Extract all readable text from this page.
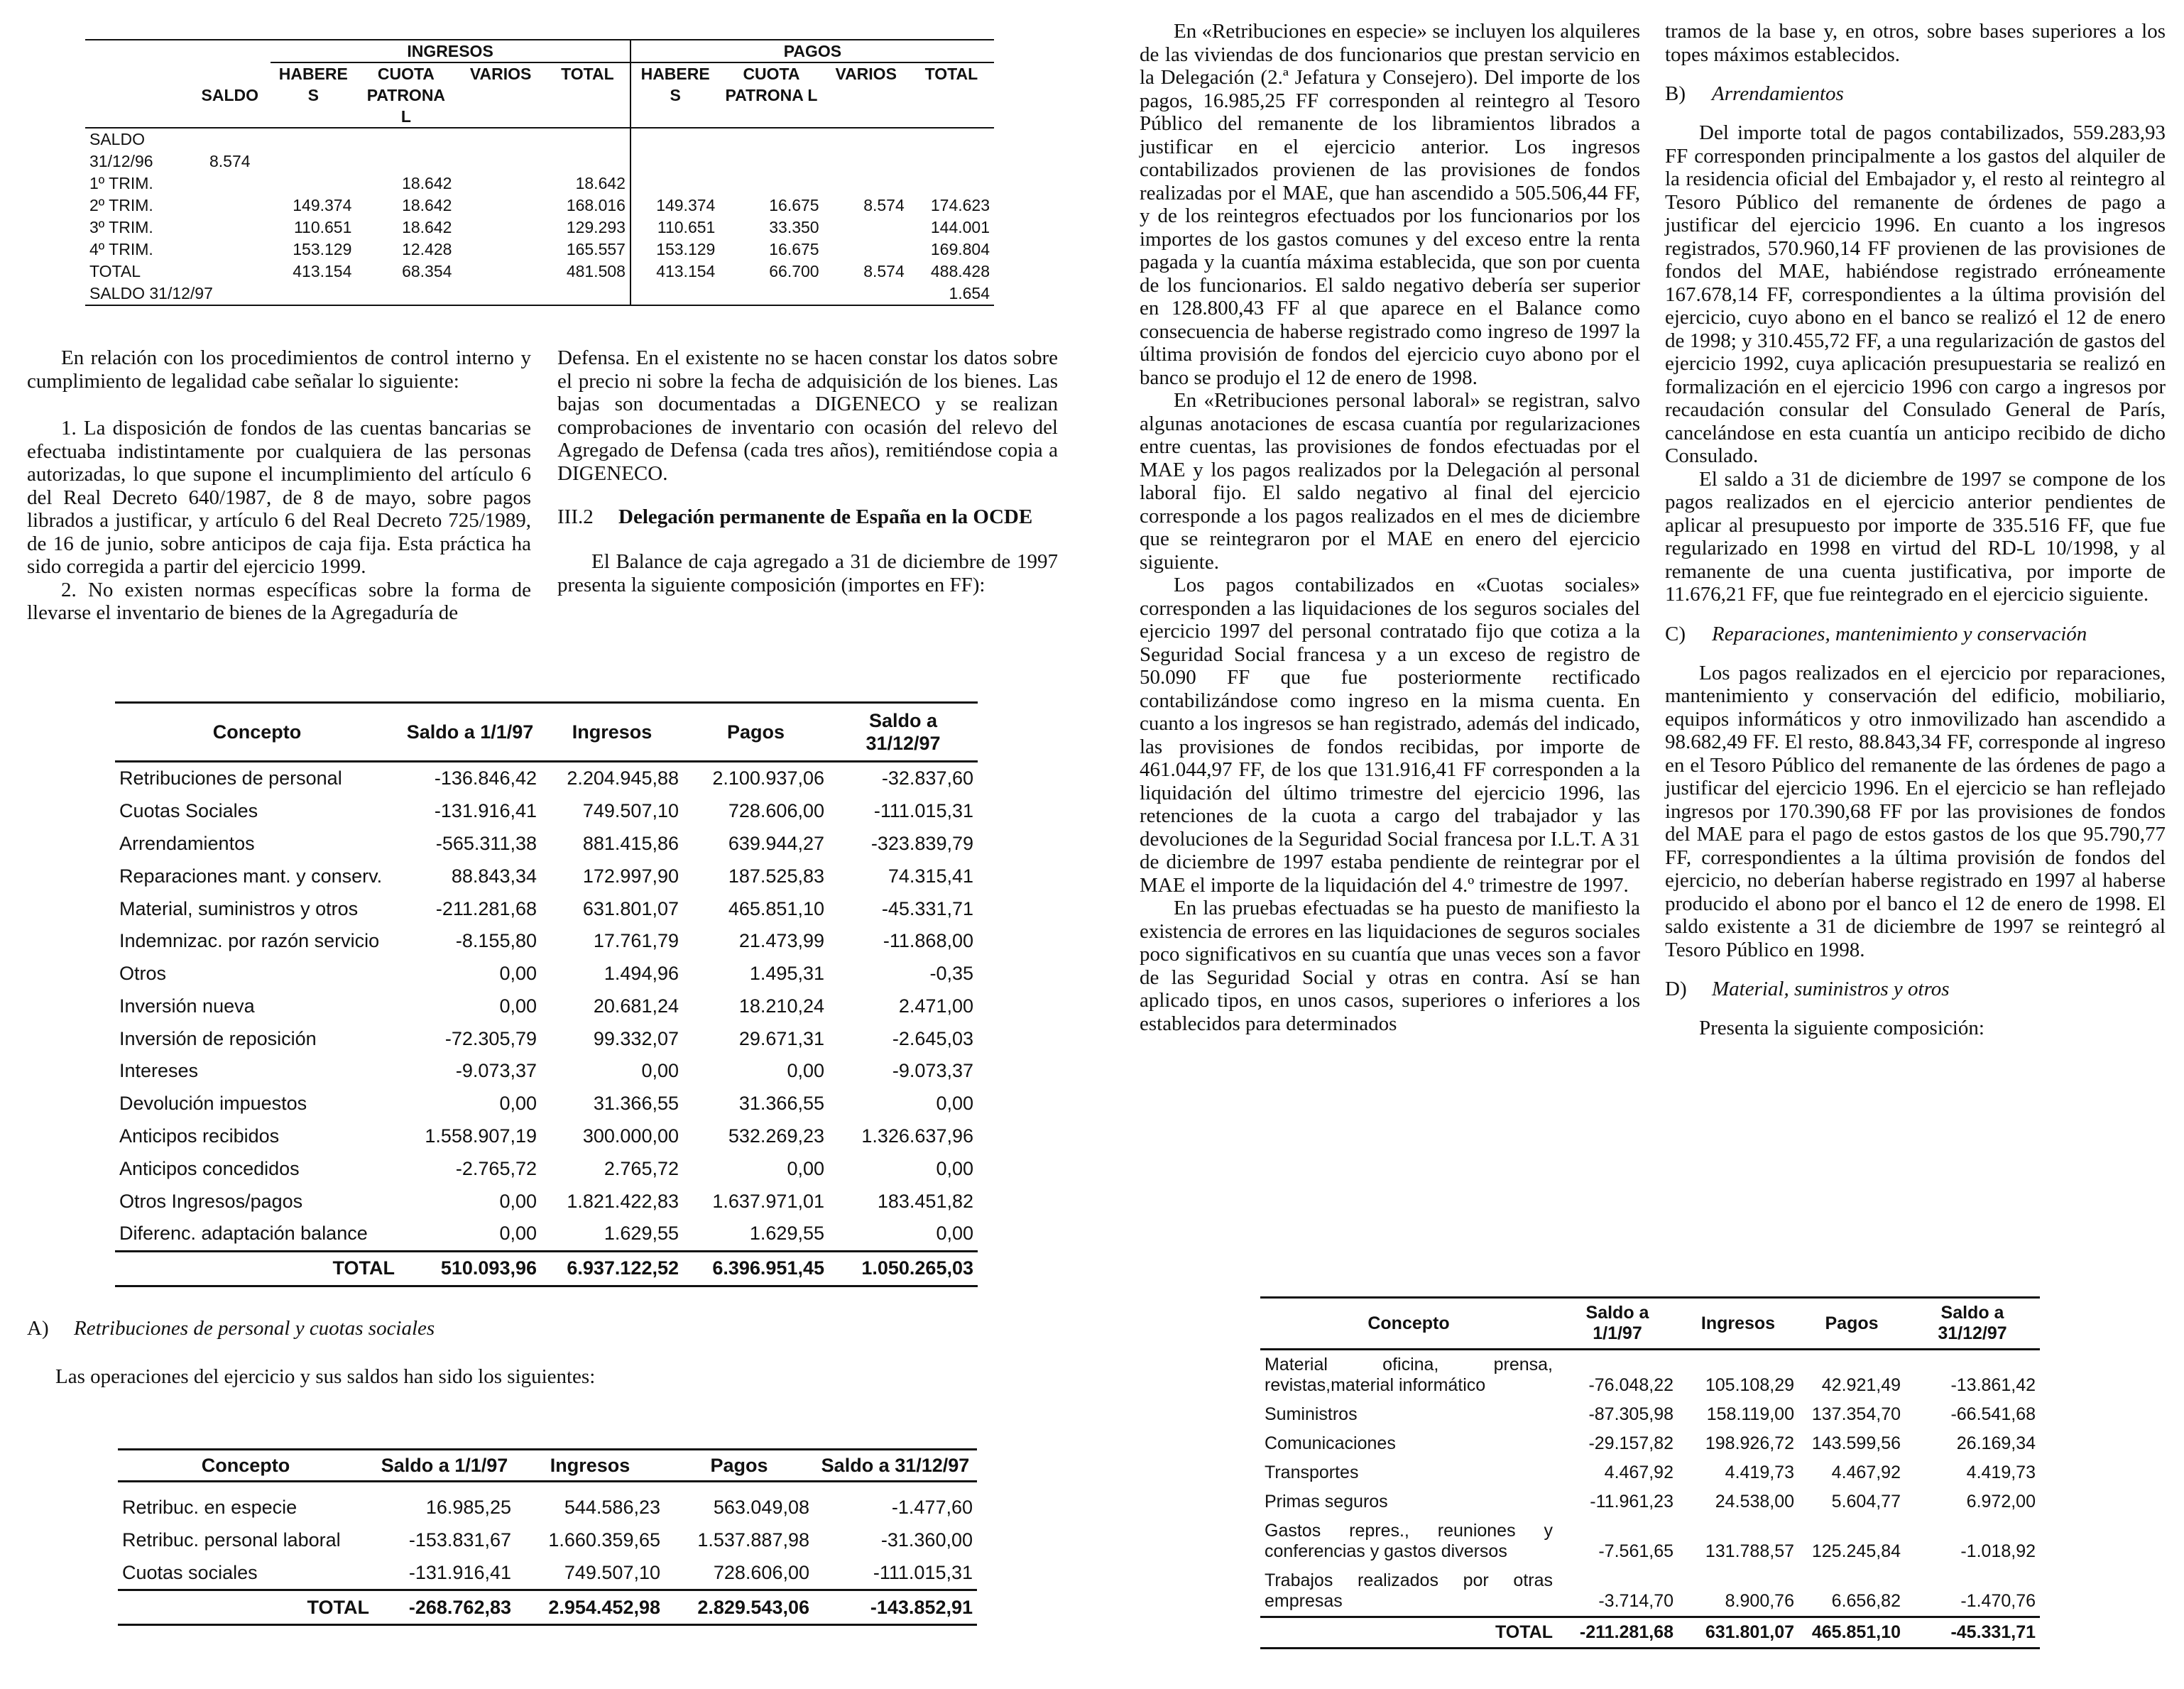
		INGRESOS				PAGOS			
	SALDO	HABERE S	CUOTA PATRONA L	VARIOS	TOTAL	HABERE S	CUOTA PATRONA L	VARIOS	TOTAL
SALDO 31/12/96	8.574								
1º TRIM.			18.642		18.642				
2º TRIM.		149.374	18.642		168.016	149.374	16.675	8.574	174.623
3º TRIM.		110.651	18.642		129.293	110.651	33.350		144.001
4º TRIM.		153.129	12.428		165.557	153.129	16.675		169.804
TOTAL		413.154	68.354		481.508	413.154	66.700	8.574	488.428
SALDO 31/12/97									1.654

En relación con los procedimientos de control interno y cumplimiento de legalidad cabe señalar lo siguiente:

1. La disposición de fondos de las cuentas bancarias se efectuaba indistintamente por cualquiera de las personas autorizadas, lo que supone el incumplimiento del artículo 6 del Real Decreto 640/1987, de 8 de mayo, sobre pagos librados a justificar, y artículo 6 del Real Decreto 725/1989, de 16 de junio, sobre anticipos de caja fija. Esta práctica ha sido corregida a partir del ejercicio 1999.

2. No existen normas específicas sobre la forma de llevarse el inventario de bienes de la Agregaduría de

Defensa. En el existente no se hacen constar los datos sobre el precio ni sobre la fecha de adquisición de los bienes. Las bajas son documentadas a DIGENECO y se realizan comprobaciones de inventario con ocasión del relevo del Agregado de Defensa (cada tres años), remitiéndose copia a DIGENECO.

III.2	Delegación permanente de España en la OCDE

El Balance de caja agregado a 31 de diciembre de 1997 presenta la siguiente composición (importes en FF):

Concepto	Saldo a 1/1/97	Ingresos	Pagos	Saldo a 31/12/97
Retribuciones de personal	-136.846,42	2.204.945,88	2.100.937,06	-32.837,60
Cuotas Sociales	-131.916,41	749.507,10	728.606,00	-111.015,31
Arrendamientos	-565.311,38	881.415,86	639.944,27	-323.839,79
Reparaciones mant. y conserv.	88.843,34	172.997,90	187.525,83	74.315,41
Material, suministros y otros	-211.281,68	631.801,07	465.851,10	-45.331,71
Indemnizac. por razón servicio	-8.155,80	17.761,79	21.473,99	-11.868,00
Otros	0,00	1.494,96	1.495,31	-0,35
Inversión nueva	0,00	20.681,24	18.210,24	2.471,00
Inversión de reposición	-72.305,79	99.332,07	29.671,31	-2.645,03
Intereses	-9.073,37	0,00	0,00	-9.073,37
Devolución impuestos	0,00	31.366,55	31.366,55	0,00
Anticipos recibidos	1.558.907,19	300.000,00	532.269,23	1.326.637,96
Anticipos concedidos	-2.765,72	2.765,72	0,00	0,00
Otros Ingresos/pagos	0,00	1.821.422,83	1.637.971,01	183.451,82
Diferenc. adaptación balance	0,00	1.629,55	1.629,55	0,00
TOTAL	510.093,96	6.937.122,52	6.396.951,45	1.050.265,03
A) Retribuciones de personal y cuotas sociales
Las operaciones del ejercicio y sus saldos han sido los siguientes:
Concepto	Saldo a 1/1/97	Ingresos	Pagos	Saldo a 31/12/97

Retribuc. en especie	16.985,25	544.586,23	563.049,08	-1.477,60
Retribuc. personal laboral	-153.831,67	1.660.359,65	1.537.887,98	-31.360,00
Cuotas sociales	-131.916,41	749.507,10	728.606,00	-111.015,31
TOTAL	-268.762,83	2.954.452,98	2.829.543,06	-143.852,91

En «Retribuciones en especie» se incluyen los alquileres de las viviendas de dos funcionarios que prestan servicio en la Delegación (2.ª Jefatura y Consejero). Del importe de los pagos, 16.985,25 FF corresponden al reintegro al Tesoro Público del remanente de los libramientos librados a justificar en el ejercicio anterior. Los ingresos contabilizados provienen de las provisiones de fondos realizadas por el MAE, que han ascendido a 505.506,44 FF, y de los reintegros efectuados por los funcionarios por los importes de los gastos comunes y del exceso entre la renta pagada y la cuantía máxima establecida, que son por cuenta de los funcionarios. El saldo negativo debería ser superior en 128.800,43 FF al que aparece en el Balance como consecuencia de haberse registrado como ingreso de 1997 la última provisión de fondos del ejercicio cuyo abono por el banco se produjo el 12 de enero de 1998.

En «Retribuciones personal laboral» se registran, salvo algunas anotaciones de escasa cuantía por regularizaciones entre cuentas, las provisiones de fondos efectuadas por el MAE y los pagos realizados por la Delegación al personal laboral fijo. El saldo negativo al final del ejercicio corresponde a los pagos realizados en el mes de diciembre que se reintegraron por el MAE en enero del ejercicio siguiente.

Los pagos contabilizados en «Cuotas sociales» corresponden a las liquidaciones de los seguros sociales del ejercicio 1997 del personal contratado fijo que cotiza a la Seguridad Social francesa y a un exceso de registro de 50.090 FF que fue posteriormente rectificado contabilizándose como ingreso en la misma cuenta. En cuanto a los ingresos se han registrado, además del indicado, las provisiones de fondos recibidas, por importe de 461.044,97 FF, de los que 131.916,41 FF corresponden a la liquidación del último trimestre del ejercicio 1996, las retenciones de la cuota a cargo del trabajador y las devoluciones de la Seguridad Social francesa por I.L.T. A 31 de diciembre de 1997 estaba pendiente de reintegrar por el MAE el importe de la liquidación del 4.º trimestre de 1997.

En las pruebas efectuadas se ha puesto de manifiesto la existencia de errores en las liquidaciones de seguros sociales poco significativos en su cuantía que unas veces son a favor de las Seguridad Social y otras en contra. Así se han aplicado tipos, en unos casos, superiores o inferiores a los establecidos para determinados

tramos de la base y, en otros, sobre bases superiores a los topes máximos establecidos.

B) Arrendamientos

Del importe total de pagos contabilizados, 559.283,93 FF corresponden principalmente a los gastos del alquiler de la residencia oficial del Embajador y, el resto al reintegro al Tesoro Público del remanente de órdenes de pago a justificar del ejercicio 1996. En cuanto a los ingresos registrados, 570.960,14 FF provienen de las provisiones de fondos del MAE, habiéndose registrado erróneamente 167.678,14 FF, correspondientes a la última provisión del ejercicio, cuyo abono en el banco se realizó el 12 de enero de 1998; y 310.455,72 FF, a una regularización de gastos del ejercicio 1992, cuya aplicación presupuestaria se realizó en formalización en el ejercicio 1996 con cargo a ingresos por recaudación consular del Consulado General de París, cancelándose en esta cuantía un anticipo recibido de dicho Consulado.

El saldo a 31 de diciembre de 1997 se compone de los pagos realizados en el ejercicio anterior pendientes de aplicar al presupuesto por importe de 335.516 FF, que fue regularizado en 1998 en virtud del RD-L 10/1998, y al remanente de una cuenta justificativa, por importe de 11.676,21 FF, que fue reintegrado en el ejercicio siguiente.

C) Reparaciones, mantenimiento y conservación

Los pagos realizados en el ejercicio por reparaciones, mantenimiento y conservación del edificio, mobiliario, equipos informáticos y otro inmovilizado han ascendido a 98.682,49 FF. El resto, 88.843,34 FF, corresponde al ingreso en el Tesoro Público del remanente de las órdenes de pago a justificar del ejercicio 1996. En el ejercicio se han reflejado ingresos por 170.390,68 FF por las provisiones de fondos del MAE para el pago de estos gastos de los que 95.790,77 FF, correspondientes a la última provisión de fondos del ejercicio, no deberían haberse registrado en 1997 al haberse producido el abono por el banco el 12 de enero de 1998. El saldo existente a 31 de diciembre de 1997 se reintegró al Tesoro Público en 1998.

D) Material, suministros y otros

Presenta la siguiente composición:

Concepto	Saldo a 1/1/97	Ingresos	Pagos	Saldo a 31/12/97
Material oficina, prensa, revistas,material informático	-76.048,22	105.108,29	42.921,49	-13.861,42
Suministros	-87.305,98	158.119,00	137.354,70	-66.541,68
Comunicaciones	-29.157,82	198.926,72	143.599,56	26.169,34
Transportes	4.467,92	4.419,73	4.467,92	4.419,73
Primas seguros	-11.961,23	24.538,00	5.604,77	6.972,00
Gastos repres., reuniones y conferencias y gastos diversos	-7.561,65	131.788,57	125.245,84	-1.018,92
Trabajos realizados por otras empresas	-3.714,70	8.900,76	6.656,82	-1.470,76
TOTAL	-211.281,68	631.801,07	465.851,10	-45.331,71
